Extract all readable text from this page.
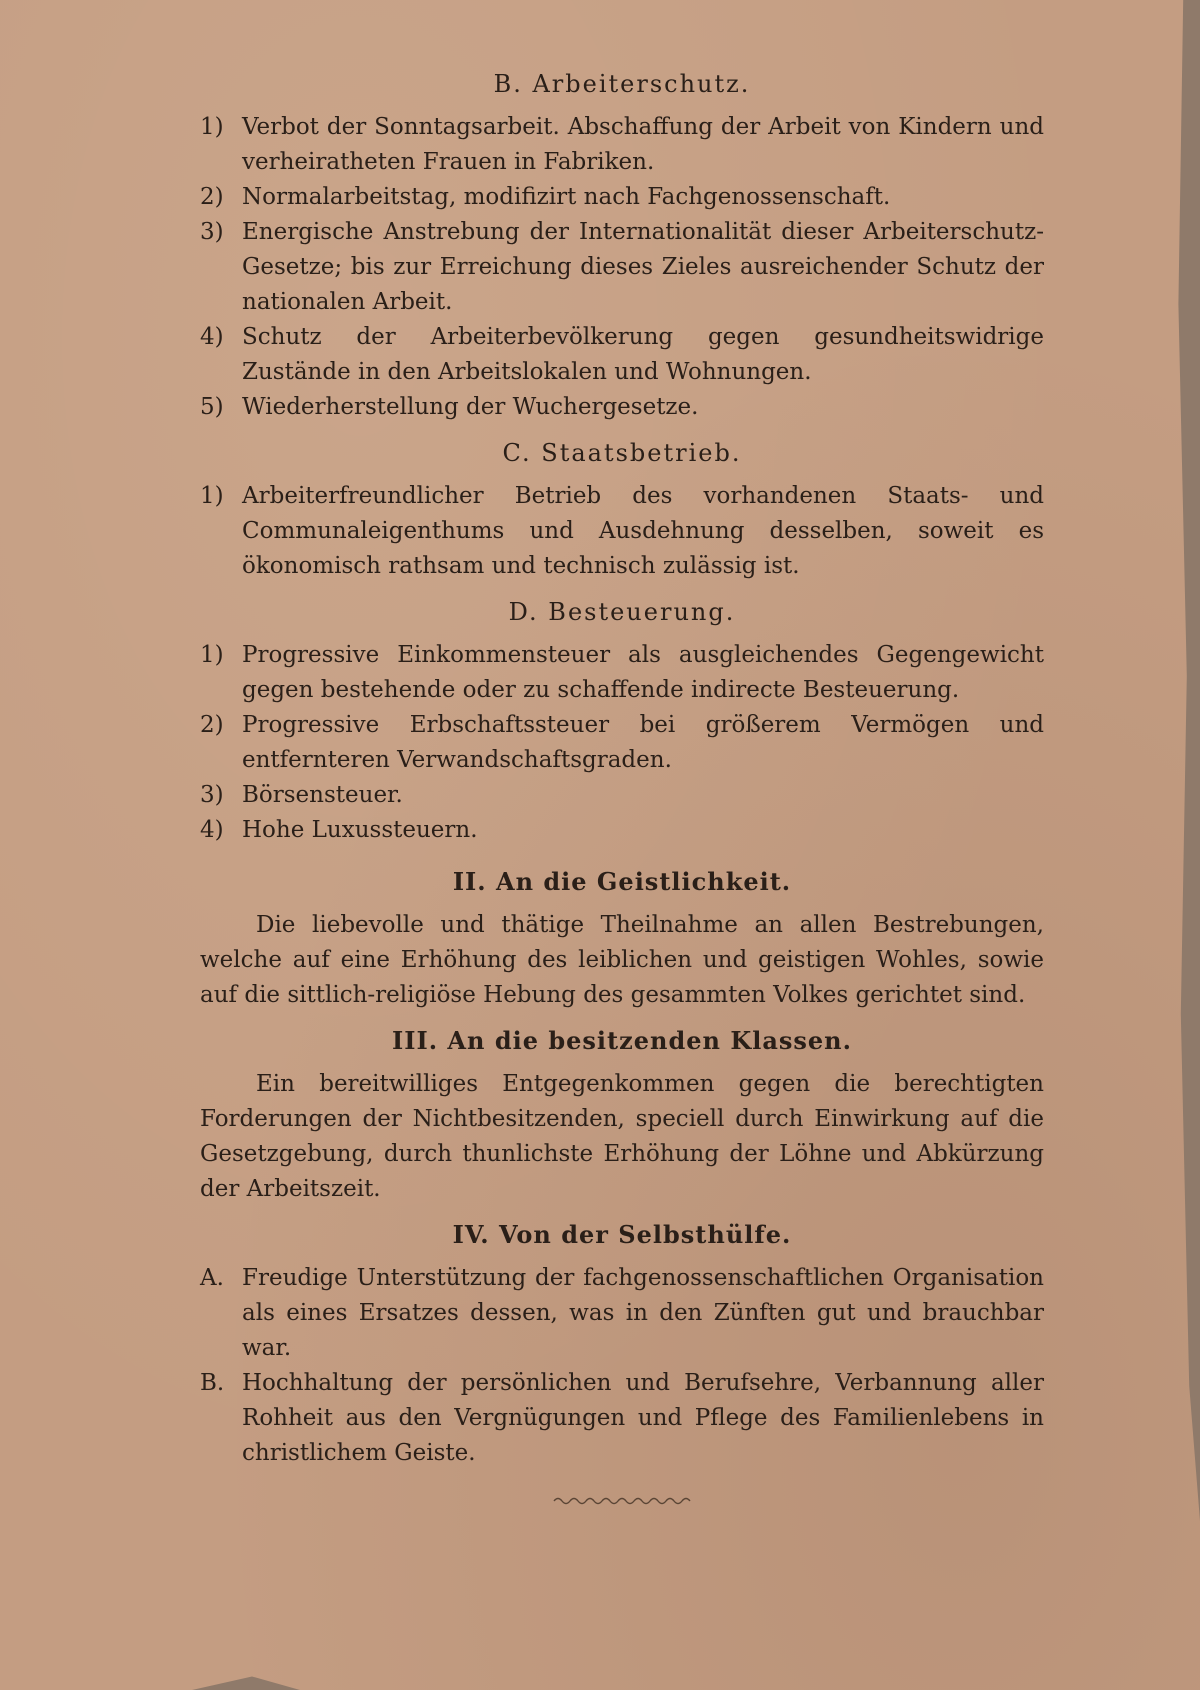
B. Arbeiterschutz.
1) Verbot der Sonntagsarbeit. Abschaffung der Arbeit von Kindern und verheiratheten Frauen in Fabriken.
2) Normalarbeitstag, modifizirt nach Fachgenossenschaft.
3) Energische Anstrebung der Internationalität dieser Arbeiterschutz-Gesetze; bis zur Erreichung dieses Zieles ausreichender Schutz der nationalen Arbeit.
4) Schutz der Arbeiterbevölkerung gegen gesundheitswidrige Zustände in den Arbeitslokalen und Wohnungen.
5) Wiederherstellung der Wuchergesetze.
C. Staatsbetrieb.
1) Arbeiterfreundlicher Betrieb des vorhandenen Staats- und Communaleigenthums und Ausdehnung desselben, soweit es ökonomisch rathsam und technisch zulässig ist.
D. Besteuerung.
1) Progressive Einkommensteuer als ausgleichendes Gegengewicht gegen bestehende oder zu schaffende indirecte Besteuerung.
2) Progressive Erbschaftssteuer bei größerem Vermögen und entfernteren Verwandschaftsgraden.
3) Börsensteuer.
4) Hohe Luxussteuern.
II. An die Geistlichkeit.
Die liebevolle und thätige Theilnahme an allen Bestrebungen, welche auf eine Erhöhung des leiblichen und geistigen Wohles, sowie auf die sittlich-religiöse Hebung des gesammten Volkes gerichtet sind.
III. An die besitzenden Klassen.
Ein bereitwilliges Entgegenkommen gegen die berechtigten Forderungen der Nichtbesitzenden, speciell durch Einwirkung auf die Gesetzgebung, durch thunlichste Erhöhung der Löhne und Abkürzung der Arbeitszeit.
IV. Von der Selbsthülfe.
A. Freudige Unterstützung der fachgenossenschaftlichen Organisation als eines Ersatzes dessen, was in den Zünften gut und brauchbar war.
B. Hochhaltung der persönlichen und Berufsehre, Verbannung aller Rohheit aus den Vergnügungen und Pflege des Familienlebens in christlichem Geiste.
